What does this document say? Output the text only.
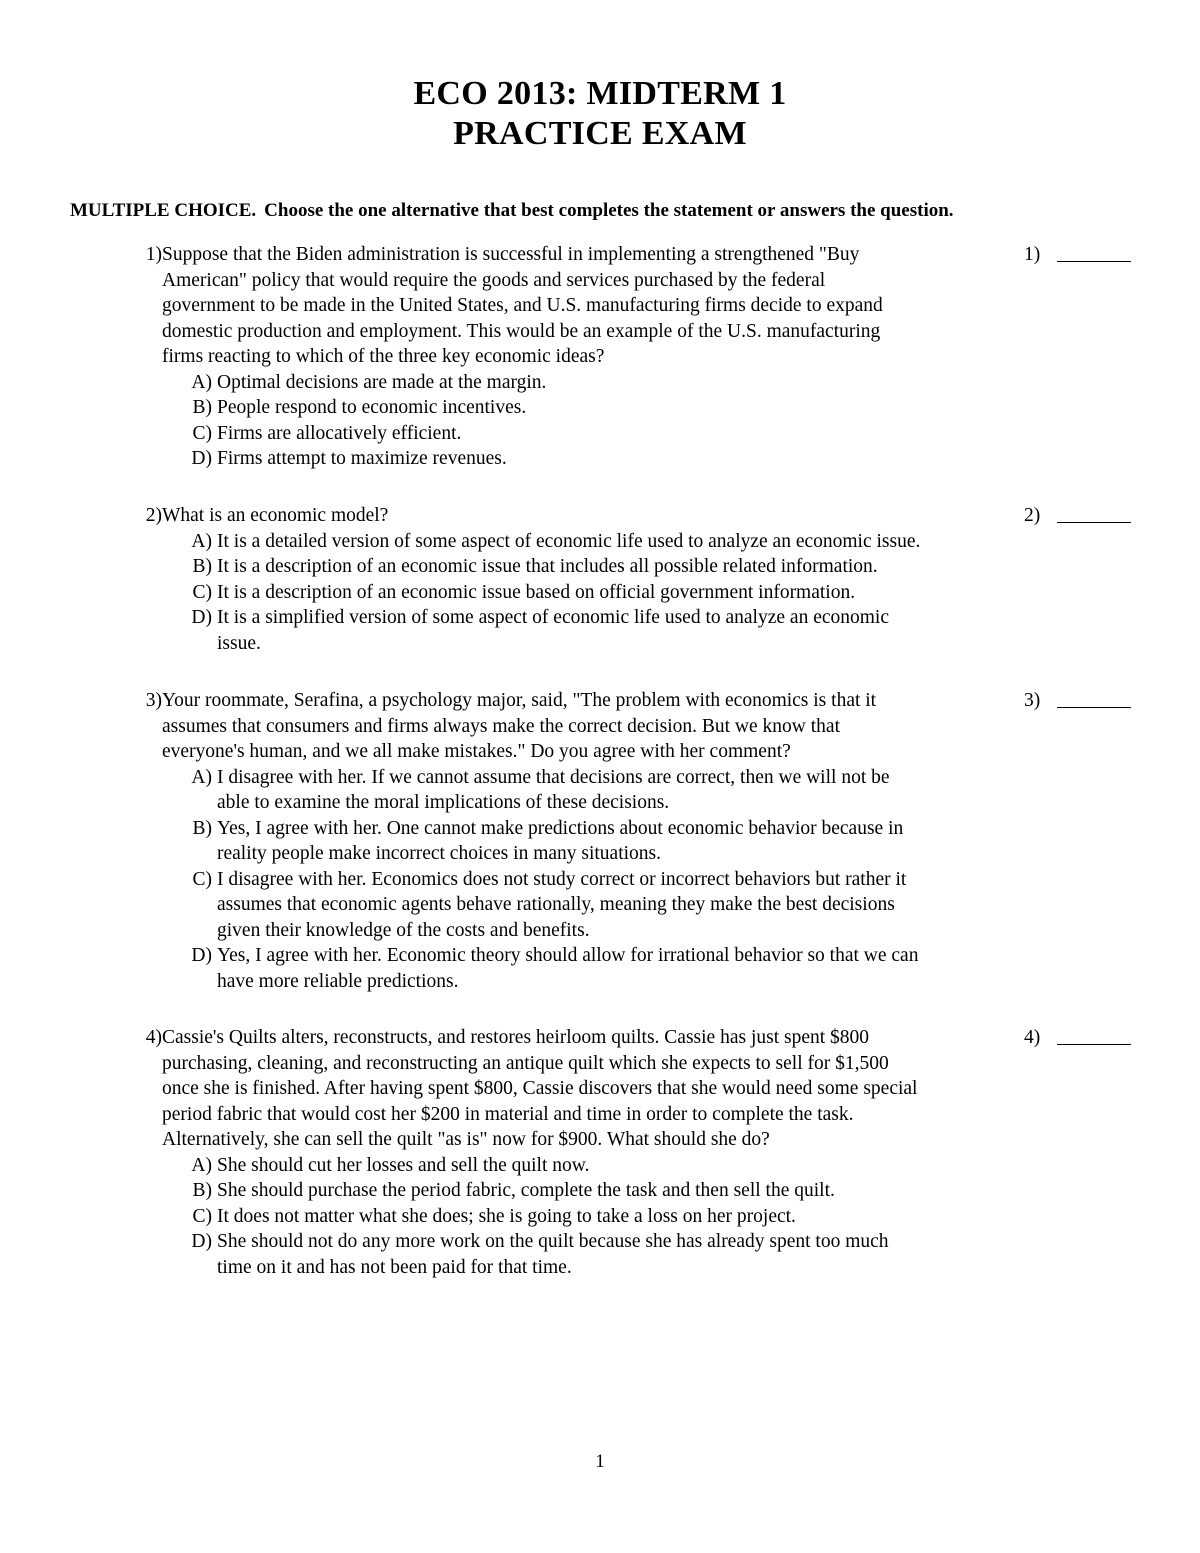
ECO 2013: MIDTERM 1
PRACTICE EXAM
MULTIPLE CHOICE. Choose the one alternative that best completes the statement or answers the question.
1) Suppose that the Biden administration is successful in implementing a strengthened "Buy
American" policy that would require the goods and services purchased by the federal
government to be made in the United States, and U.S. manufacturing firms decide to expand
domestic production and employment. This would be an example of the U.S. manufacturing
firms reacting to which of the three key economic ideas?
A) Optimal decisions are made at the margin.
B) People respond to economic incentives.
C) Firms are allocatively efficient.
D) Firms attempt to maximize revenues.
1)
2) What is an economic model?
A) It is a detailed version of some aspect of economic life used to analyze an economic issue.
B) It is a description of an economic issue that includes all possible related information.
C) It is a description of an economic issue based on official government information.
D) It is a simplified version of some aspect of economic life used to analyze an economic
issue.
2)
3) Your roommate, Serafina, a psychology major, said, "The problem with economics is that it
assumes that consumers and firms always make the correct decision. But we know that
everyone's human, and we all make mistakes." Do you agree with her comment?
A) I disagree with her. If we cannot assume that decisions are correct, then we will not be
able to examine the moral implications of these decisions.
B) Yes, I agree with her. One cannot make predictions about economic behavior because in
reality people make incorrect choices in many situations.
C) I disagree with her. Economics does not study correct or incorrect behaviors but rather it
assumes that economic agents behave rationally, meaning they make the best decisions
given their knowledge of the costs and benefits.
D) Yes, I agree with her. Economic theory should allow for irrational behavior so that we can
have more reliable predictions.
3)
4) Cassie's Quilts alters, reconstructs, and restores heirloom quilts. Cassie has just spent $800
purchasing, cleaning, and reconstructing an antique quilt which she expects to sell for $1,500
once she is finished. After having spent $800, Cassie discovers that she would need some special
period fabric that would cost her $200 in material and time in order to complete the task.
Alternatively, she can sell the quilt "as is" now for $900. What should she do?
A) She should cut her losses and sell the quilt now.
B) She should purchase the period fabric, complete the task and then sell the quilt.
C) It does not matter what she does; she is going to take a loss on her project.
D) She should not do any more work on the quilt because she has already spent too much
time on it and has not been paid for that time.
4)
1
